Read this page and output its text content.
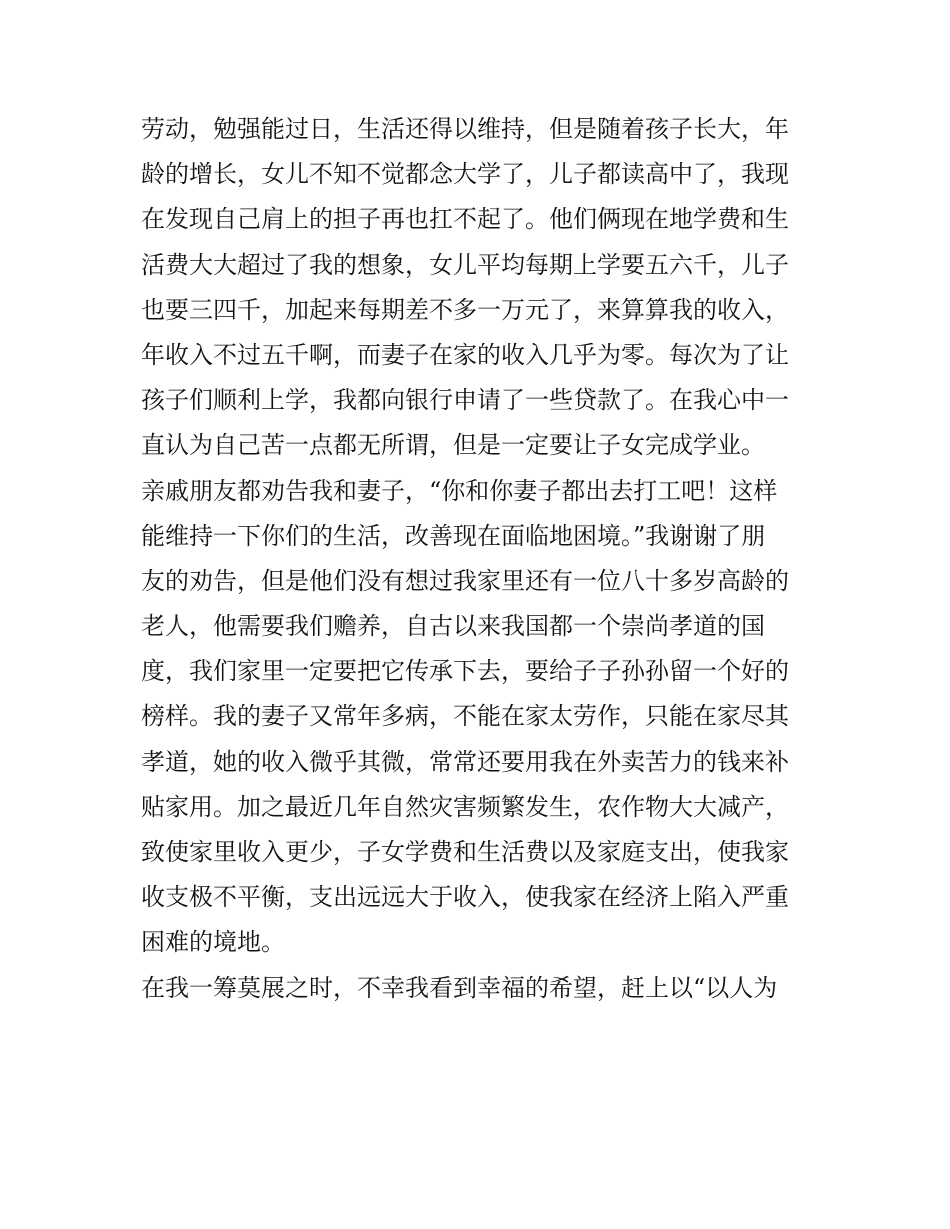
劳动，勉强能过日，生活还得以维持，但是随着孩子长大，年

龄的增长，女儿不知不觉都念大学了，儿子都读高中了，我现

在发现自己肩上的担子再也扛不起了。他们俩现在地学费和生

活费大大超过了我的想象，女儿平均每期上学要五六千，儿子

也要三四千，加起来每期差不多一万元了，来算算我的收入，

年收入不过五千啊，而妻子在家的收入几乎为零。每次为了让

孩子们顺利上学，我都向银行申请了一些贷款了。在我心中一

直认为自己苦一点都无所谓，但是一定要让子女完成学业。

亲戚朋友都劝告我和妻子，“你和你妻子都出去打工吧！这样

能维持一下你们的生活，改善现在面临地困境。”我谢谢了朋

友的劝告，但是他们没有想过我家里还有一位八十多岁高龄的

老人，他需要我们赡养，自古以来我国都一个崇尚孝道的国

度，我们家里一定要把它传承下去，要给子子孙孙留一个好的

榜样。我的妻子又常年多病，不能在家太劳作，只能在家尽其

孝道，她的收入微乎其微，常常还要用我在外卖苦力的钱来补

贴家用。加之最近几年自然灾害频繁发生，农作物大大减产，

致使家里收入更少，子女学费和生活费以及家庭支出，使我家

收支极不平衡，支出远远大于收入，使我家在经济上陷入严重

困难的境地。

在我一筹莫展之时，不幸我看到幸福的希望，赶上以“以人为
